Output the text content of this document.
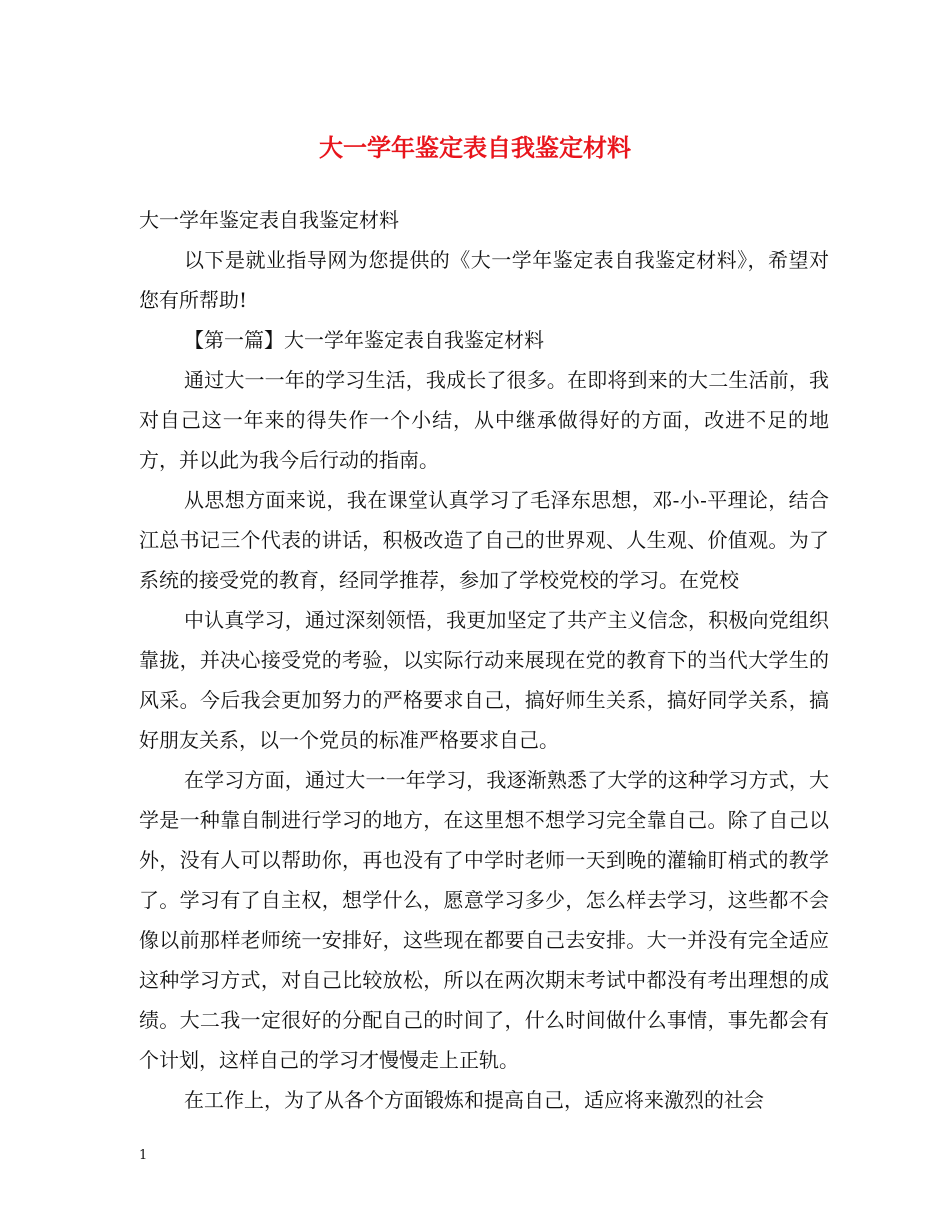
大一学年鉴定表自我鉴定材料

大一学年鉴定表自我鉴定材料

以下是就业指导网为您提供的《大一学年鉴定表自我鉴定材料》，希望对您有所帮助!

【第一篇】大一学年鉴定表自我鉴定材料

通过大一一年的学习生活，我成长了很多。在即将到来的大二生活前，我对自己这一年来的得失作一个小结，从中继承做得好的方面，改进不足的地方，并以此为我今后行动的指南。

从思想方面来说，我在课堂认真学习了毛泽东思想，邓-小-平理论，结合江总书记三个代表的讲话，积极改造了自己的世界观、人生观、价值观。为了系统的接受党的教育，经同学推荐，参加了学校党校的学习。在党校

中认真学习，通过深刻领悟，我更加坚定了共产主义信念，积极向党组织靠拢，并决心接受党的考验，以实际行动来展现在党的教育下的当代大学生的风采。今后我会更加努力的严格要求自己，搞好师生关系，搞好同学关系，搞好朋友关系，以一个党员的标准严格要求自己。

在学习方面，通过大一一年学习，我逐渐熟悉了大学的这种学习方式，大学是一种靠自制进行学习的地方，在这里想不想学习完全靠自己。除了自己以外，没有人可以帮助你，再也没有了中学时老师一天到晚的灌输盯梢式的教学了。学习有了自主权，想学什么，愿意学习多少，怎么样去学习，这些都不会像以前那样老师统一安排好，这些现在都要自己去安排。大一并没有完全适应这种学习方式，对自己比较放松，所以在两次期末考试中都没有考出理想的成绩。大二我一定很好的分配自己的时间了，什么时间做什么事情，事先都会有个计划，这样自己的学习才慢慢走上正轨。

在工作上，为了从各个方面锻炼和提高自己，适应将来激烈的社会

1
